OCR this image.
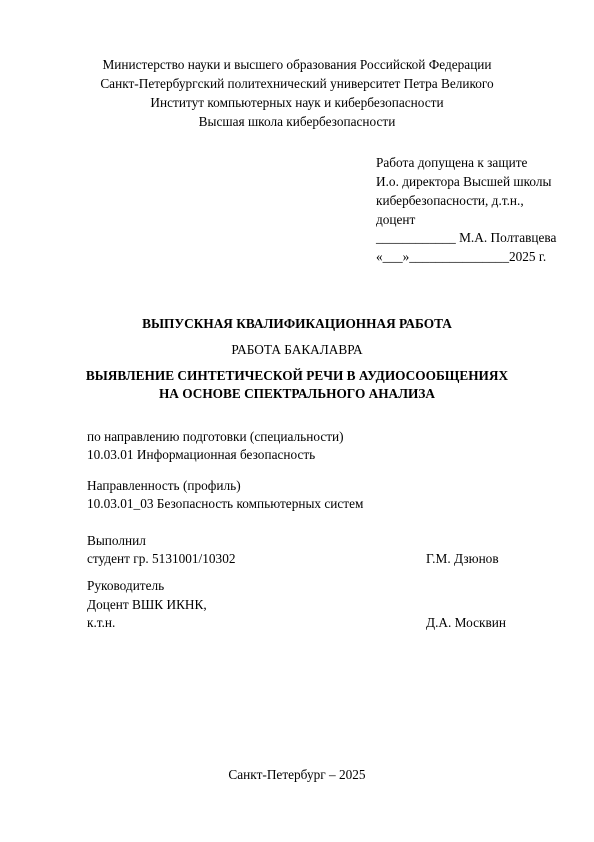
Министерство науки и высшего образования Российской Федерации
Санкт-Петербургский политехнический университет Петра Великого
Институт компьютерных наук и кибербезопасности
Высшая школа кибербезопасности
Работа допущена к защите
И.о. директора Высшей школы
кибербезопасности, д.т.н.,
доцент
____________ М.А. Полтавцева
«___»_______________2025 г.
ВЫПУСКНАЯ КВАЛИФИКАЦИОННАЯ РАБОТА
РАБОТА БАКАЛАВРА
ВЫЯВЛЕНИЕ СИНТЕТИЧЕСКОЙ РЕЧИ В АУДИОСООБЩЕНИЯХ
НА ОСНОВЕ СПЕКТРАЛЬНОГО АНАЛИЗА
по направлению подготовки (специальности)
10.03.01 Информационная безопасность
Направленность (профиль)
10.03.01_03 Безопасность компьютерных систем
Выполнил
студент гр. 5131001/10302	Г.М. Дзюнов
Руководитель
Доцент ВШК ИКНК,
к.т.н.	Д.А. Москвин
Санкт-Петербург – 2025
